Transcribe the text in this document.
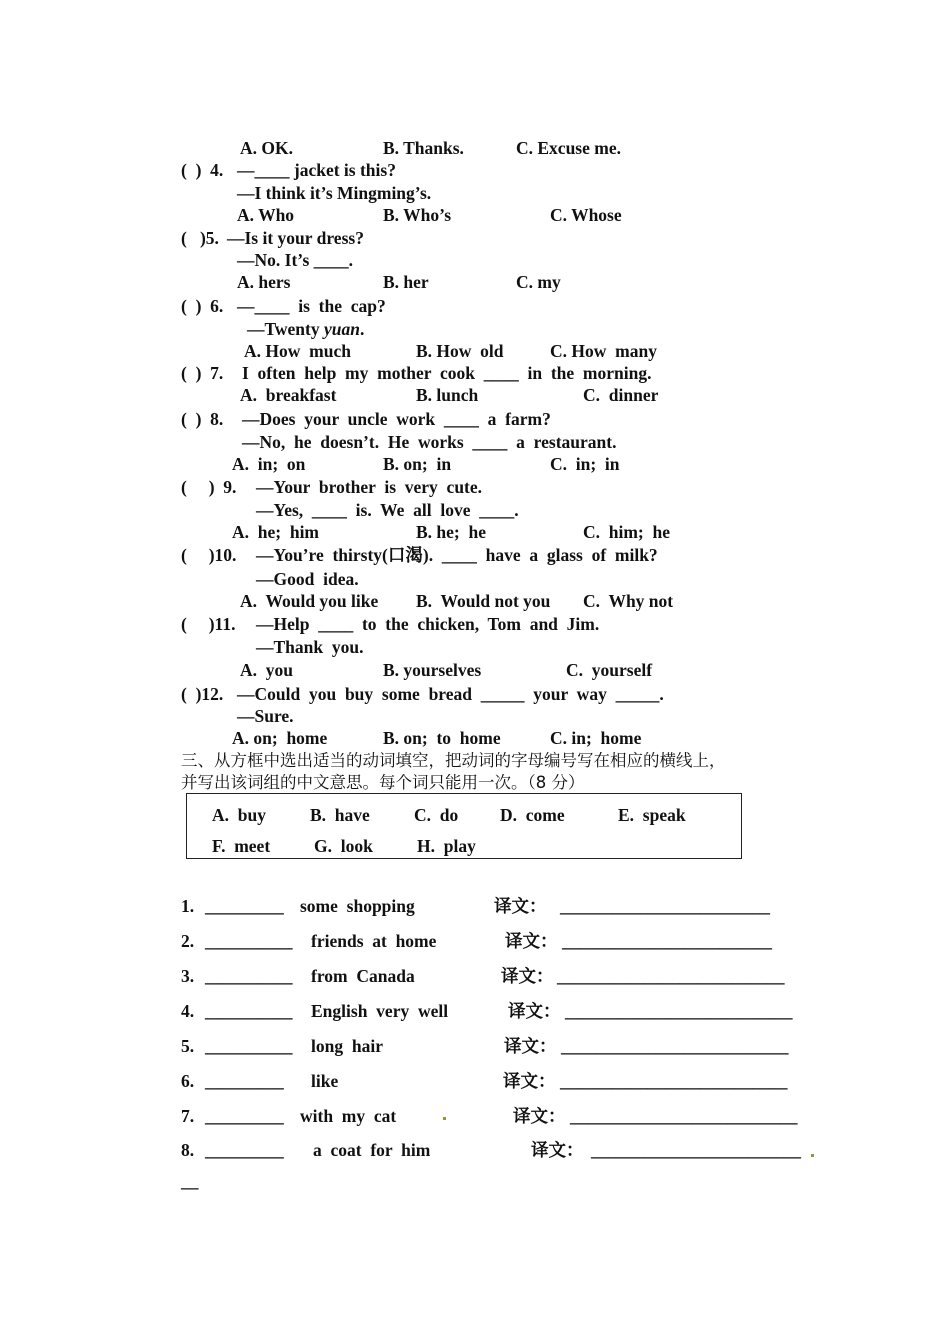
A. OK.	B. Thanks.	C. Excuse me.
(  )  4. —____ jacket is this?
—I think it’s Mingming’s.
A. Who	B. Who’s	C. Whose
(   )5. —Is it your dress?
—No. It’s ____.
A. hers	B. her	C. my
(  )  6. —____  is  the  cap?
—Twenty yuan.
A. How  much	B. How  old	C. How  many
(  )  7. I  often  help  my  mother  cook  ____  in  the  morning.
A.  breakfast	B. lunch	C.  dinner
(  )  8. —Does  your  uncle  work  ____  a  farm?
—No,  he  doesn’t.  He  works  ____  a  restaurant.
A.  in;  on	B. on;  in	C.  in;  in
(     )  9. —Your  brother  is  very  cute.
—Yes,  ____  is.  We  all  love  ____.
A.  he;  him	B. he;  he	C.  him;  he
(     )10. —You’re  thirsty(口渴).  ____  have  a  glass  of  milk?
—Good  idea.
A.  Would you like B.  Would not you C.  Why not
(     )11. —Help  ____  to  the  chicken,  Tom  and  Jim.
—Thank  you.
A.  you	B. yourselves	C.  yourself
(  )12. —Could  you  buy  some  bread  _____  your  way  _____.
—Sure.
A. on;  home	B. on;  to  home	C. in;  home
三、从方框中选出适当的动词填空，把动词的字母编号写在相应的横线上，
并写出该词组的中文意思。每个词只能用一次。（8 分）
A.  buy	B.  have	C.  do D.  come	E.  speak
F.  meet	G.  look	H.  play
1. _________ some  shopping	译文： ________________________
2. __________ friends  at  home	译文： ________________________
3. __________ from  Canada	译文： __________________________
4. __________ English  very  well	译文： __________________________
5. __________ long  hair	译文： __________________________
6. _________ like	译文： __________________________
7. _________ with  my  cat	译文： __________________________
8. _________ a  coat  for  him	译文： ________________________
—
